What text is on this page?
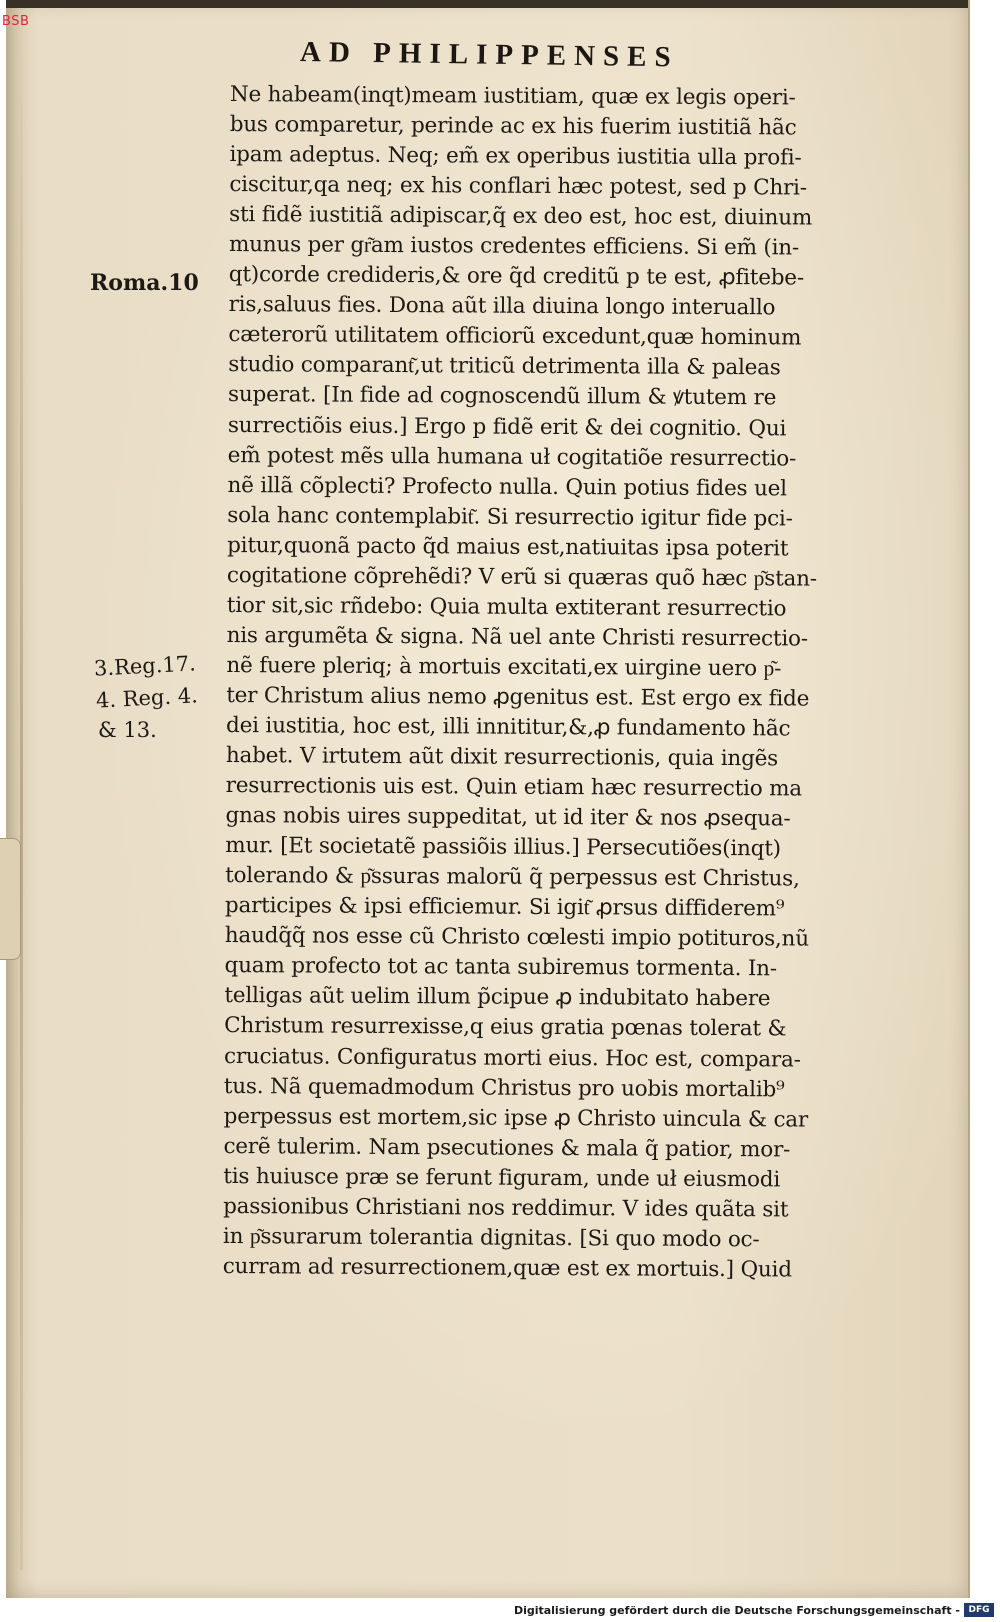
BSB
AD PHILIPPENSES
Roma.10
3.Reg.17.
4. Reg. 4.
& 13.
Ne habeam(inqt)meam iustitiam, quæ ex legis operi-
bus comparetur, perinde ac ex his fuerim iustitiã hãc
ipam adeptus. Neq; em̃ ex operibus iustitia ulla profi-
ciscitur,qa neq; ex his conflari hæc potest, sed p Chri-
sti fidẽ iustitiã adipiscar,q̃ ex deo est, hoc est, diuinum
munus per gr͂am iustos credentes efficiens. Si em̃ (in-
qt)corde credideris,& ore q̃d creditũ p te est, ꝓfitebe-
ris,saluus fies. Dona aũt illa diuina longo interuallo
cæterorũ utilitatem officiorũ excedunt,quæ hominum
studio comparant͂,ut triticũ detrimenta illa & paleas
superat. [In fide ad cognoscendũ illum & ꝟtutem re
surrectiõis eius.] Ergo p fidẽ erit & dei cognitio. Qui
em̃ potest mẽs ulla humana uł cogitatiõe resurrectio-
nẽ illã cõplecti? Profecto nulla. Quin potius fides uel
sola hanc contemplabit͂. Si resurrectio igitur fide pci-
pitur,quonã pacto q̃d maius est,natiuitas ipsa poterit
cogitatione cõprehẽdi? V erũ si quæras quõ hæc p͂stan-
tior sit,sic rñdebo: Quia multa extiterant resurrectio
nis argumẽta & signa. Nã uel ante Christi resurrectio-
nẽ fuere pleriq; à mortuis excitati,ex uirgine uero p͂-
ter Christum alius nemo ꝓgenitus est. Est ergo ex fide
dei iustitia, hoc est, illi innititur,&,ꝓ fundamento hãc
habet. V irtutem aũt dixit resurrectionis, quia ingẽs
resurrectionis uis est. Quin etiam hæc resurrectio ma
gnas nobis uires suppeditat, ut id iter & nos ꝓsequa-
mur. [Et societatẽ passiõis illius.] Persecutiões(inqt)
tolerando & p͂ssuras malorũ q̃ perpessus est Christus,
participes & ipsi efficiemur. Si igit͂ ꝓrsus diffiderem⁹
haudq̃q̃ nos esse cũ Christo cœlesti impio potituros,nũ
quam profecto tot ac tanta subiremus tormenta. In-
telligas aũt uelim illum p̃cipue ꝓ indubitato habere
Christum resurrexisse,q eius gratia pœnas tolerat &
cruciatus. Configuratus morti eius. Hoc est, compara-
tus. Nã quemadmodum Christus pro uobis mortalib⁹
perpessus est mortem,sic ipse ꝓ Christo uincula & car
cerẽ tulerim. Nam psecutiones & mala q̃ patior, mor-
tis huiusce præ se ferunt figuram, unde uł eiusmodi
passionibus Christiani nos reddimur. V ides quãta sit
in p͂ssurarum tolerantia dignitas. [Si quo modo oc-
curram ad resurrectionem,quæ est ex mortuis.] Quid
Digitalisierung gefördert durch die Deutsche Forschungsgemeinschaft - DFG
